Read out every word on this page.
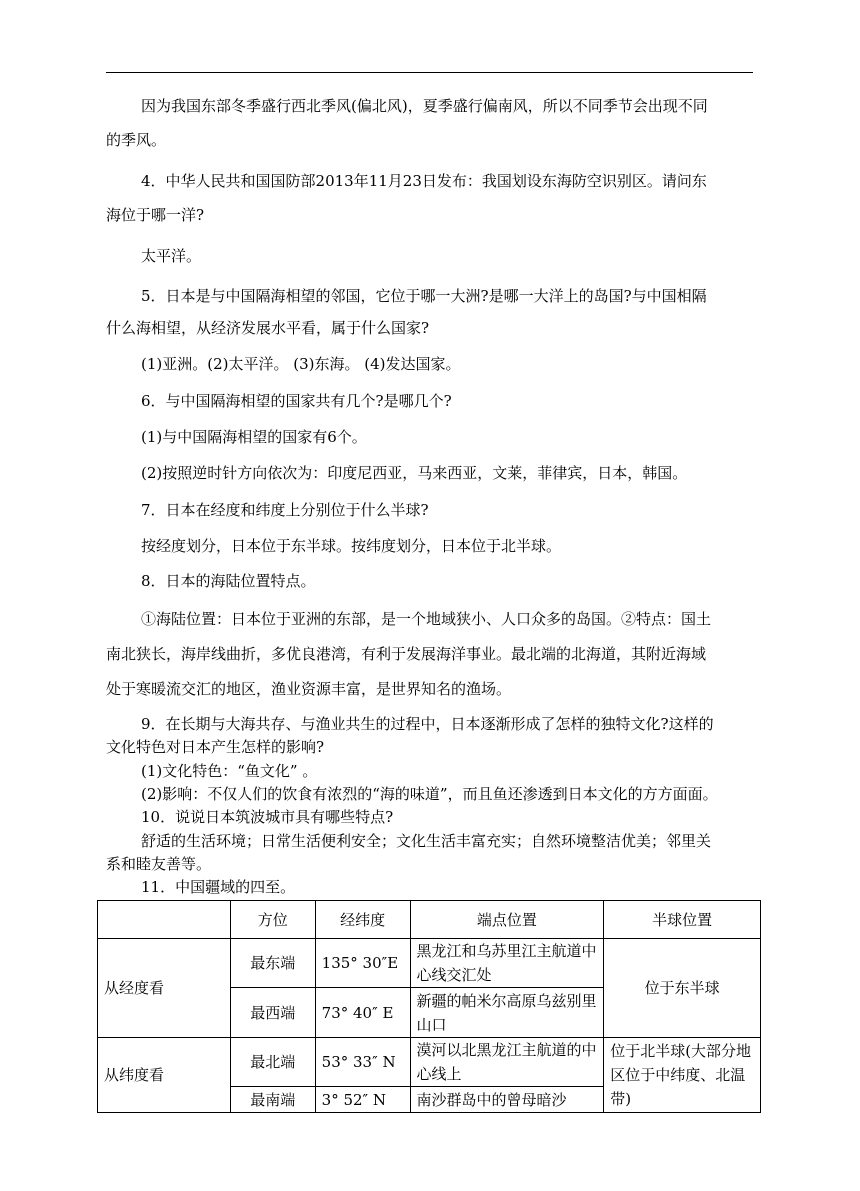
因为我国东部冬季盛行西北季风(偏北风)，夏季盛行偏南风，所以不同季节会出现不同
的季风。
4．中华人民共和国国防部2013年11月23日发布：我国划设东海防空识别区。请问东
海位于哪一洋?
太平洋。
5．日本是与中国隔海相望的邻国，它位于哪一大洲?是哪一大洋上的岛国?与中国相隔
什么海相望，从经济发展水平看，属于什么国家?
(1)亚洲。(2)太平洋。 (3)东海。 (4)发达国家。
6．与中国隔海相望的国家共有几个?是哪几个?
(1)与中国隔海相望的国家有6个。
(2)按照逆时针方向依次为：印度尼西亚，马来西亚，文莱，菲律宾，日本，韩国。
7．日本在经度和纬度上分别位于什么半球?
按经度划分，日本位于东半球。按纬度划分，日本位于北半球。
8．日本的海陆位置特点。
①海陆位置：日本位于亚洲的东部，是一个地域狭小、人口众多的岛国。②特点：国土
南北狭长，海岸线曲折，多优良港湾，有利于发展海洋事业。最北端的北海道，其附近海域
处于寒暖流交汇的地区，渔业资源丰富，是世界知名的渔场。
9．在长期与大海共存、与渔业共生的过程中，日本逐渐形成了怎样的独特文化?这样的
文化特色对日本产生怎样的影响?
(1)文化特色：“鱼文化” 。
(2)影响：不仅人们的饮食有浓烈的“海的味道”，而且鱼还渗透到日本文化的方方面面。
10．说说日本筑波城市具有哪些特点?
舒适的生活环境；日常生活便利安全；文化生活丰富充实；自然环境整洁优美；邻里关
系和睦友善等。
11．中国疆域的四至。
	方位	经纬度	端点位置	半球位置
从经度看	最东端	135° 30″E	黑龙江和乌苏里江主航道中心线交汇处	位于东半球
	最西端	73° 40″ E	新疆的帕米尔高原乌兹别里山口	
从纬度看	最北端	53° 33″ N	漠河以北黑龙江主航道的中心线上	位于北半球(大部分地区位于中纬度、北温带)
	最南端	3° 52″ N	南沙群岛中的曾母暗沙	
